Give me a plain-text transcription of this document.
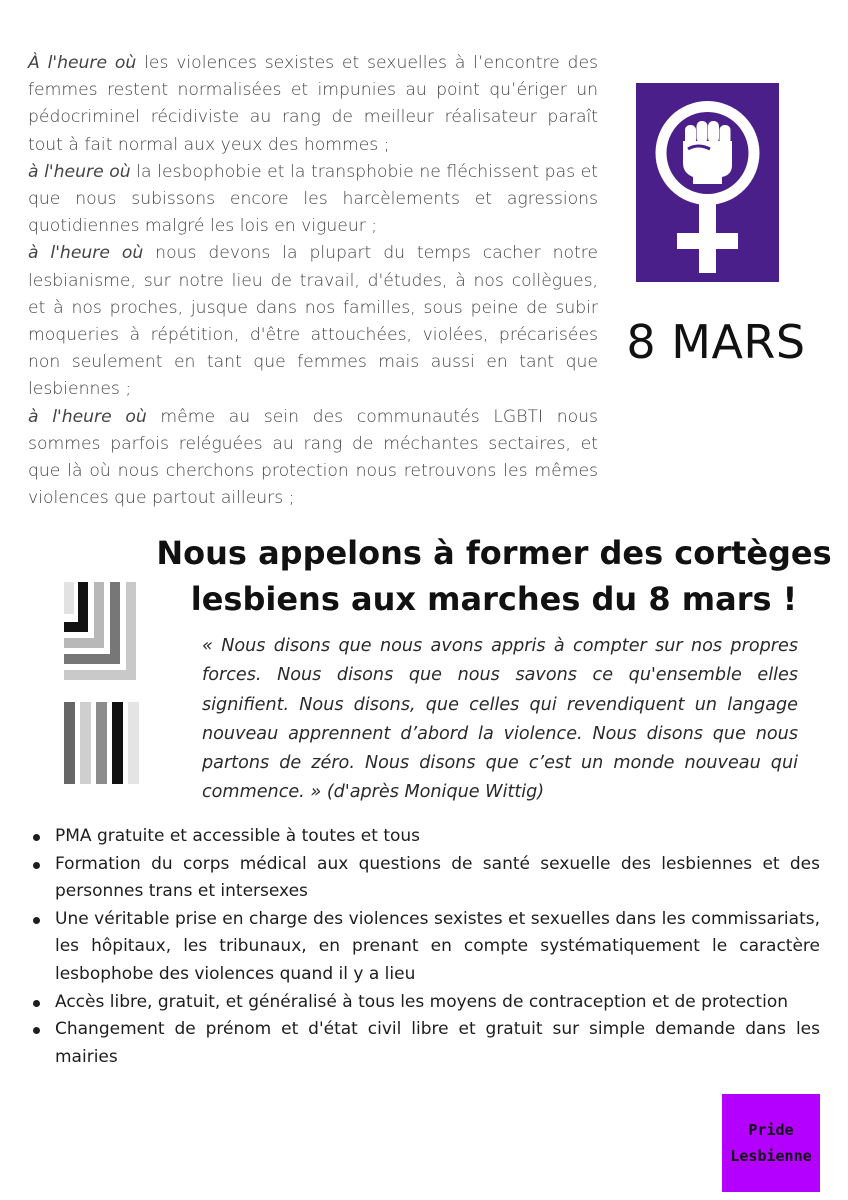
À l'heure où les violences sexistes et sexuelles à l’encontre des femmes restent normalisées et impunies au point qu’ériger un pédocriminel récidiviste au rang de meilleur réalisateur paraît tout à fait normal aux yeux des hommes ;

à l'heure où la lesbophobie et la transphobie ne fléchissent pas et que nous subissons encore les harcèlements et agressions quotidiennes malgré les lois en vigueur ;

à l'heure où nous devons la plupart du temps cacher notre lesbianisme, sur notre lieu de travail, d'études, à nos collègues, et à nos proches, jusque dans nos familles, sous peine de subir moqueries à répétition, d'être attouchées, violées, précarisées non seulement en tant que femmes mais aussi en tant que lesbiennes ;

à l'heure où même au sein des communautés LGBTI nous sommes parfois reléguées au rang de méchantes sectaires, et que là où nous cherchons protection nous retrouvons les mêmes violences que partout ailleurs ;

8 MARS
Nous appelons à former des cortèges
lesbiens aux marches du 8 mars !
« Nous disons que nous avons appris à compter sur nos propres forces. Nous disons que nous savons ce qu'ensemble elles signifient. Nous disons, que celles qui revendiquent un langage nouveau apprennent d’abord la violence. Nous disons que nous partons de zéro. Nous disons que c’est un monde nouveau qui commence. » (d'après Monique Wittig)
PMA gratuite et accessible à toutes et tous
Formation du corps médical aux questions de santé sexuelle des lesbiennes et des personnes trans et intersexes
Une véritable prise en charge des violences sexistes et sexuelles dans les commissariats, les hôpitaux, les tribunaux, en prenant en compte systématiquement le caractère lesbophobe des violences quand il y a lieu
Accès libre, gratuit, et généralisé à tous les moyens de contraception et de protection
Changement de prénom et d'état civil libre et gratuit sur simple demande dans les mairies
Pride
Lesbienne
